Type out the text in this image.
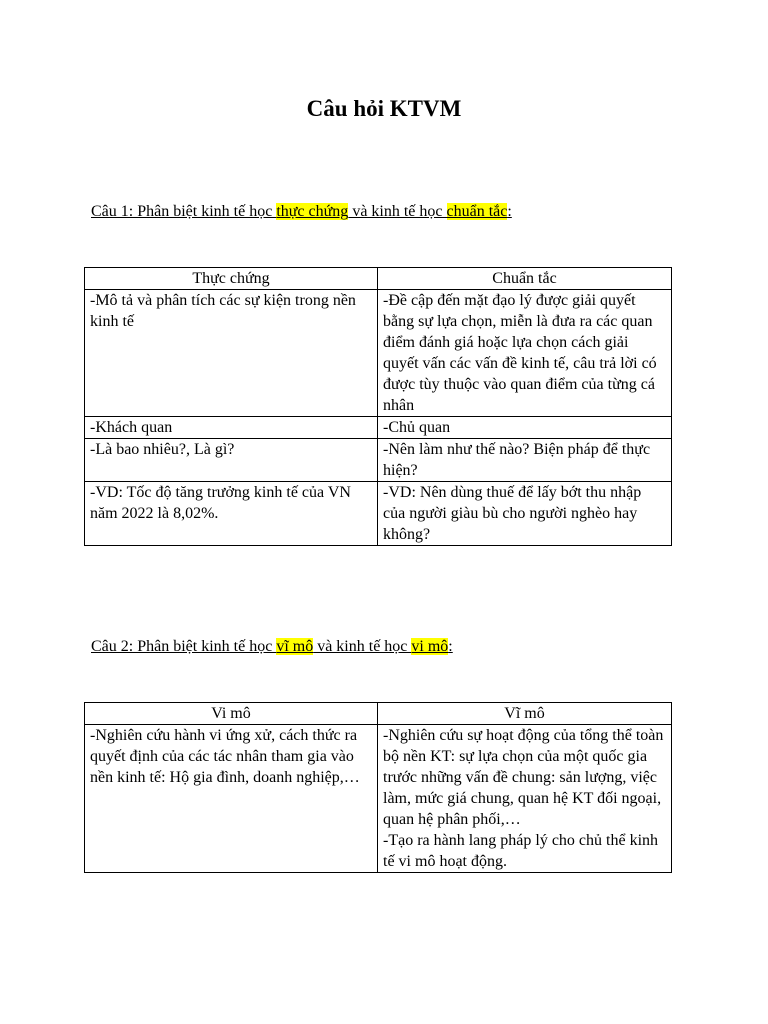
Câu hỏi KTVM
Câu 1: Phân biệt kinh tế học thực chứng và kinh tế học chuẩn tắc:
Thực chứng	Chuẩn tắc
-Mô tả và phân tích các sự kiện trong nền kinh tế	-Đề cập đến mặt đạo lý được giải quyết bằng sự lựa chọn, miễn là đưa ra các quan điểm đánh giá hoặc lựa chọn cách giải quyết vấn các vấn đề kinh tế, câu trả lời có được tùy thuộc vào quan điểm của từng cá nhân
-Khách quan	-Chủ quan
-Là bao nhiêu?, Là gì?	-Nên làm như thế nào? Biện pháp để thực hiện?
-VD: Tốc độ tăng trưởng kinh tế của VN năm 2022 là 8,02%.	-VD: Nên dùng thuế để lấy bớt thu nhập của người giàu bù cho người nghèo hay không?
Câu 2: Phân biệt kinh tế học vĩ mô và kinh tế học vi mô:
Vi mô	Vĩ mô
-Nghiên cứu hành vi ứng xử, cách thức ra quyết định của các tác nhân tham gia vào nền kinh tế: Hộ gia đình, doanh nghiệp,…	-Nghiên cứu sự hoạt động của tổng thể toàn bộ nền KT: sự lựa chọn của một quốc gia trước những vấn đề chung: sản lượng, việc làm, mức giá chung, quan hệ KT đối ngoại, quan hệ phân phối,…
-Tạo ra hành lang pháp lý cho chủ thể kinh tế vi mô hoạt động.
